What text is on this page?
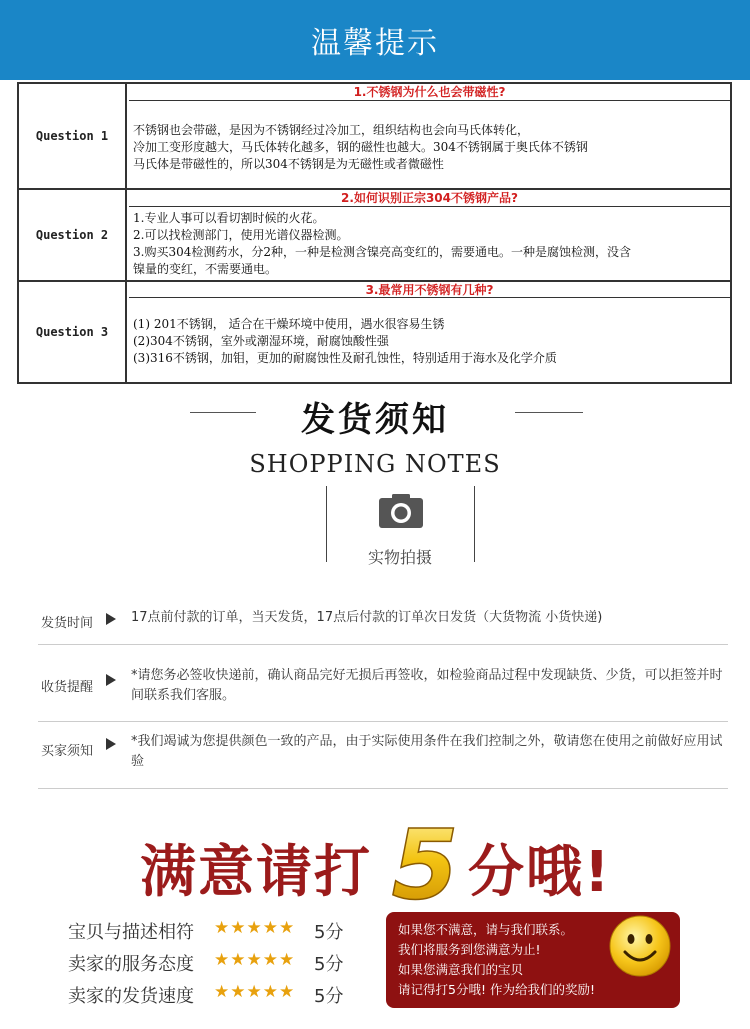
温馨提示
Question 1
1.不锈钢为什么也会带磁性?
不锈钢也会带磁，是因为不锈钢经过冷加工，组织结构也会向马氏体转化，
冷加工变形度越大，马氏体转化越多，钢的磁性也越大。304不锈钢属于奥氏体不锈钢
马氏体是带磁性的，所以304不锈钢是为无磁性或者微磁性
Question 2
2.如何识别正宗304不锈钢产品?
1.专业人事可以看切割时候的火花。
2.可以找检测部门，使用光谱仪器检测。
3.购买304检测药水，分2种，一种是检测含镍亮高变红的，需要通电。一种是腐蚀检测，没含
镍量的变红，不需要通电。
Question 3
3.最常用不锈钢有几种?
(1) 201不锈钢， 适合在干燥环境中使用，遇水很容易生锈
(2)304不锈钢，室外或潮湿环境，耐腐蚀酸性强
(3)316不锈钢，加钼，更加的耐腐蚀性及耐孔蚀性，特别适用于海水及化学介质
发货须知
SHOPPING NOTES
实物拍摄
发货时间	17点前付款的订单，当天发货，17点后付款的订单次日发货（大货物流 小货快递)
收货提醒
*请您务必签收快递前，确认商品完好无损后再签收，如检验商品过程中发现缺货、少货，可以拒签并时间联系我们客服。
买家须知
*我们竭诚为您提供颜色一致的产品，由于实际使用条件在我们控制之外，敬请您在使用之前做好应用试验
满意请打 5 分哦!
宝贝与描述相符 ★★★★★ 5分
卖家的服务态度 ★★★★★ 5分
卖家的发货速度 ★★★★★ 5分
如果您不满意，请与我们联系。
我们将服务到您满意为止!
如果您满意我们的宝贝
请记得打5分哦! 作为给我们的奖励!
